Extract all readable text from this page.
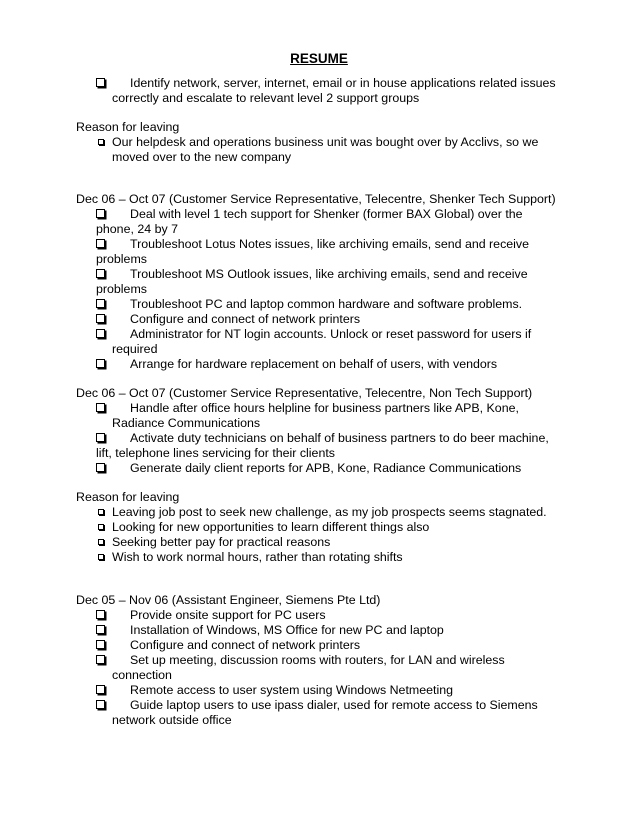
RESUME
Identify network, server, internet, email or in house applications related issues correctly and escalate to relevant level 2 support groups
Reason for leaving
Our helpdesk and operations business unit was bought over by Acclivs, so we moved over to the new company
Dec 06 – Oct 07 (Customer Service Representative, Telecentre, Shenker Tech Support)
Deal with level 1 tech support for Shenker (former BAX Global) over the phone, 24 by 7
Troubleshoot Lotus Notes issues, like archiving emails, send and receive problems
Troubleshoot MS Outlook issues, like archiving emails, send and receive problems
Troubleshoot PC and laptop common hardware and software problems.
Configure and connect of network printers
Administrator for NT login accounts. Unlock or reset password for users if required
Arrange for hardware replacement on behalf of users, with vendors
Dec 06 – Oct 07 (Customer Service Representative, Telecentre, Non Tech Support)
Handle after office hours helpline for business partners like APB, Kone, Radiance Communications
Activate duty technicians on behalf of business partners to do beer machine, lift, telephone lines servicing for their clients
Generate daily client reports for APB, Kone, Radiance Communications
Reason for leaving
Leaving job post to seek new challenge, as my job prospects seems stagnated.
Looking for new opportunities to learn different things also
Seeking better pay for practical reasons
Wish to work normal hours, rather than rotating shifts
Dec 05 – Nov 06 (Assistant Engineer, Siemens Pte Ltd)
Provide onsite support for PC users
Installation of Windows, MS Office for new PC and laptop
Configure and connect of network printers
Set up meeting, discussion rooms with routers, for LAN and wireless connection
Remote access to user system using Windows Netmeeting
Guide laptop users to use ipass dialer, used for remote access to Siemens network outside office
